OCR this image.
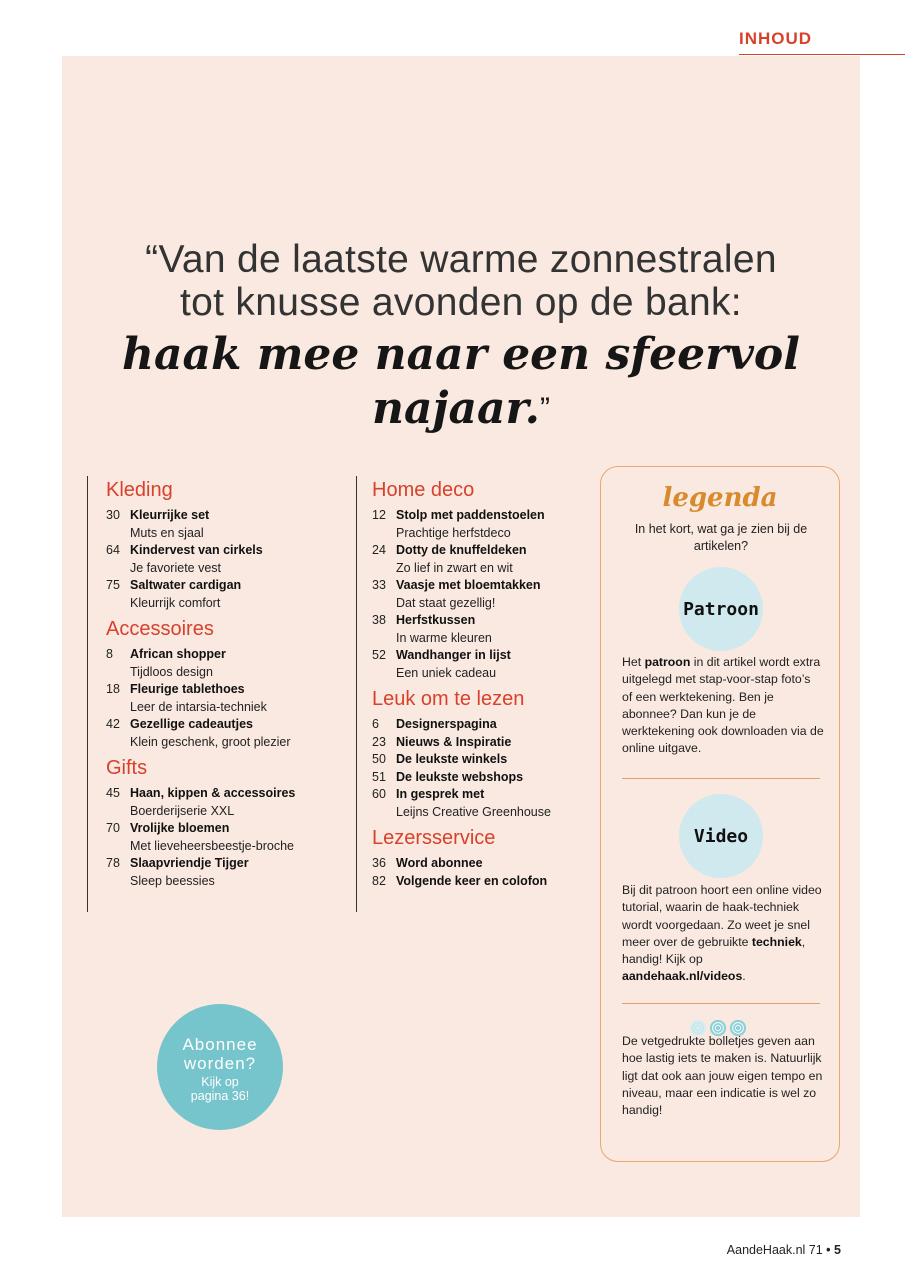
INHOUD
“Van de laatste warme zonnestralen
tot knusse avonden op de bank:
haak mee naar een sfeervol najaar.”
Kleding
30 Kleurrijke set
Muts en sjaal
64 Kindervest van cirkels
Je favoriete vest
75 Saltwater cardigan
Kleurrijk comfort
Accessoires
8	African shopper
Tijdloos design
18 Fleurige tablethoes
Leer de intarsia-techniek
42 Gezellige cadeautjes
Klein geschenk, groot plezier
Gifts
45 Haan, kippen & accessoires
Boerderijserie XXL
70 Vrolijke bloemen
Met lieveheersbeestje-broche
78 Slaapvriendje Tijger
Sleep beessies
Home deco
12 Stolp met paddenstoelen
Prachtige herfstdeco
24 Dotty de knuffeldeken
Zo lief in zwart en wit
33 Vaasje met bloemtakken
Dat staat gezellig!
38 Herfstkussen
In warme kleuren
52 Wandhanger in lijst
Een uniek cadeau
Leuk om te lezen
6	Designerspagina
23 Nieuws & Inspiratie
50 De leukste winkels
51 De leukste webshops
60 In gesprek met
Leijns Creative Greenhouse
Lezersservice
36 Word abonnee
82 Volgende keer en colofon
legenda
In het kort, wat ga je zien bij de artikelen?
Patroon
Het patroon in dit artikel wordt extra uitgelegd met stap-voor-stap foto’s of een werktekening. Ben je abonnee? Dan kun je de werktekening ook downloaden via de online uitgave.
Video
Bij dit patroon hoort een online video tutorial, waarin de haak-techniek wordt voorgedaan. Zo weet je snel meer over de gebruikte techniek, handig! Kijk op aandehaak.nl/videos.
De vetgedrukte bolletjes geven aan hoe lastig iets te maken is. Natuurlijk ligt dat ook aan jouw eigen tempo en niveau, maar een indicatie is wel zo handig!
Abonnee
worden?
Kijk op
pagina 36!
AandeHaak.nl 71 • 5
